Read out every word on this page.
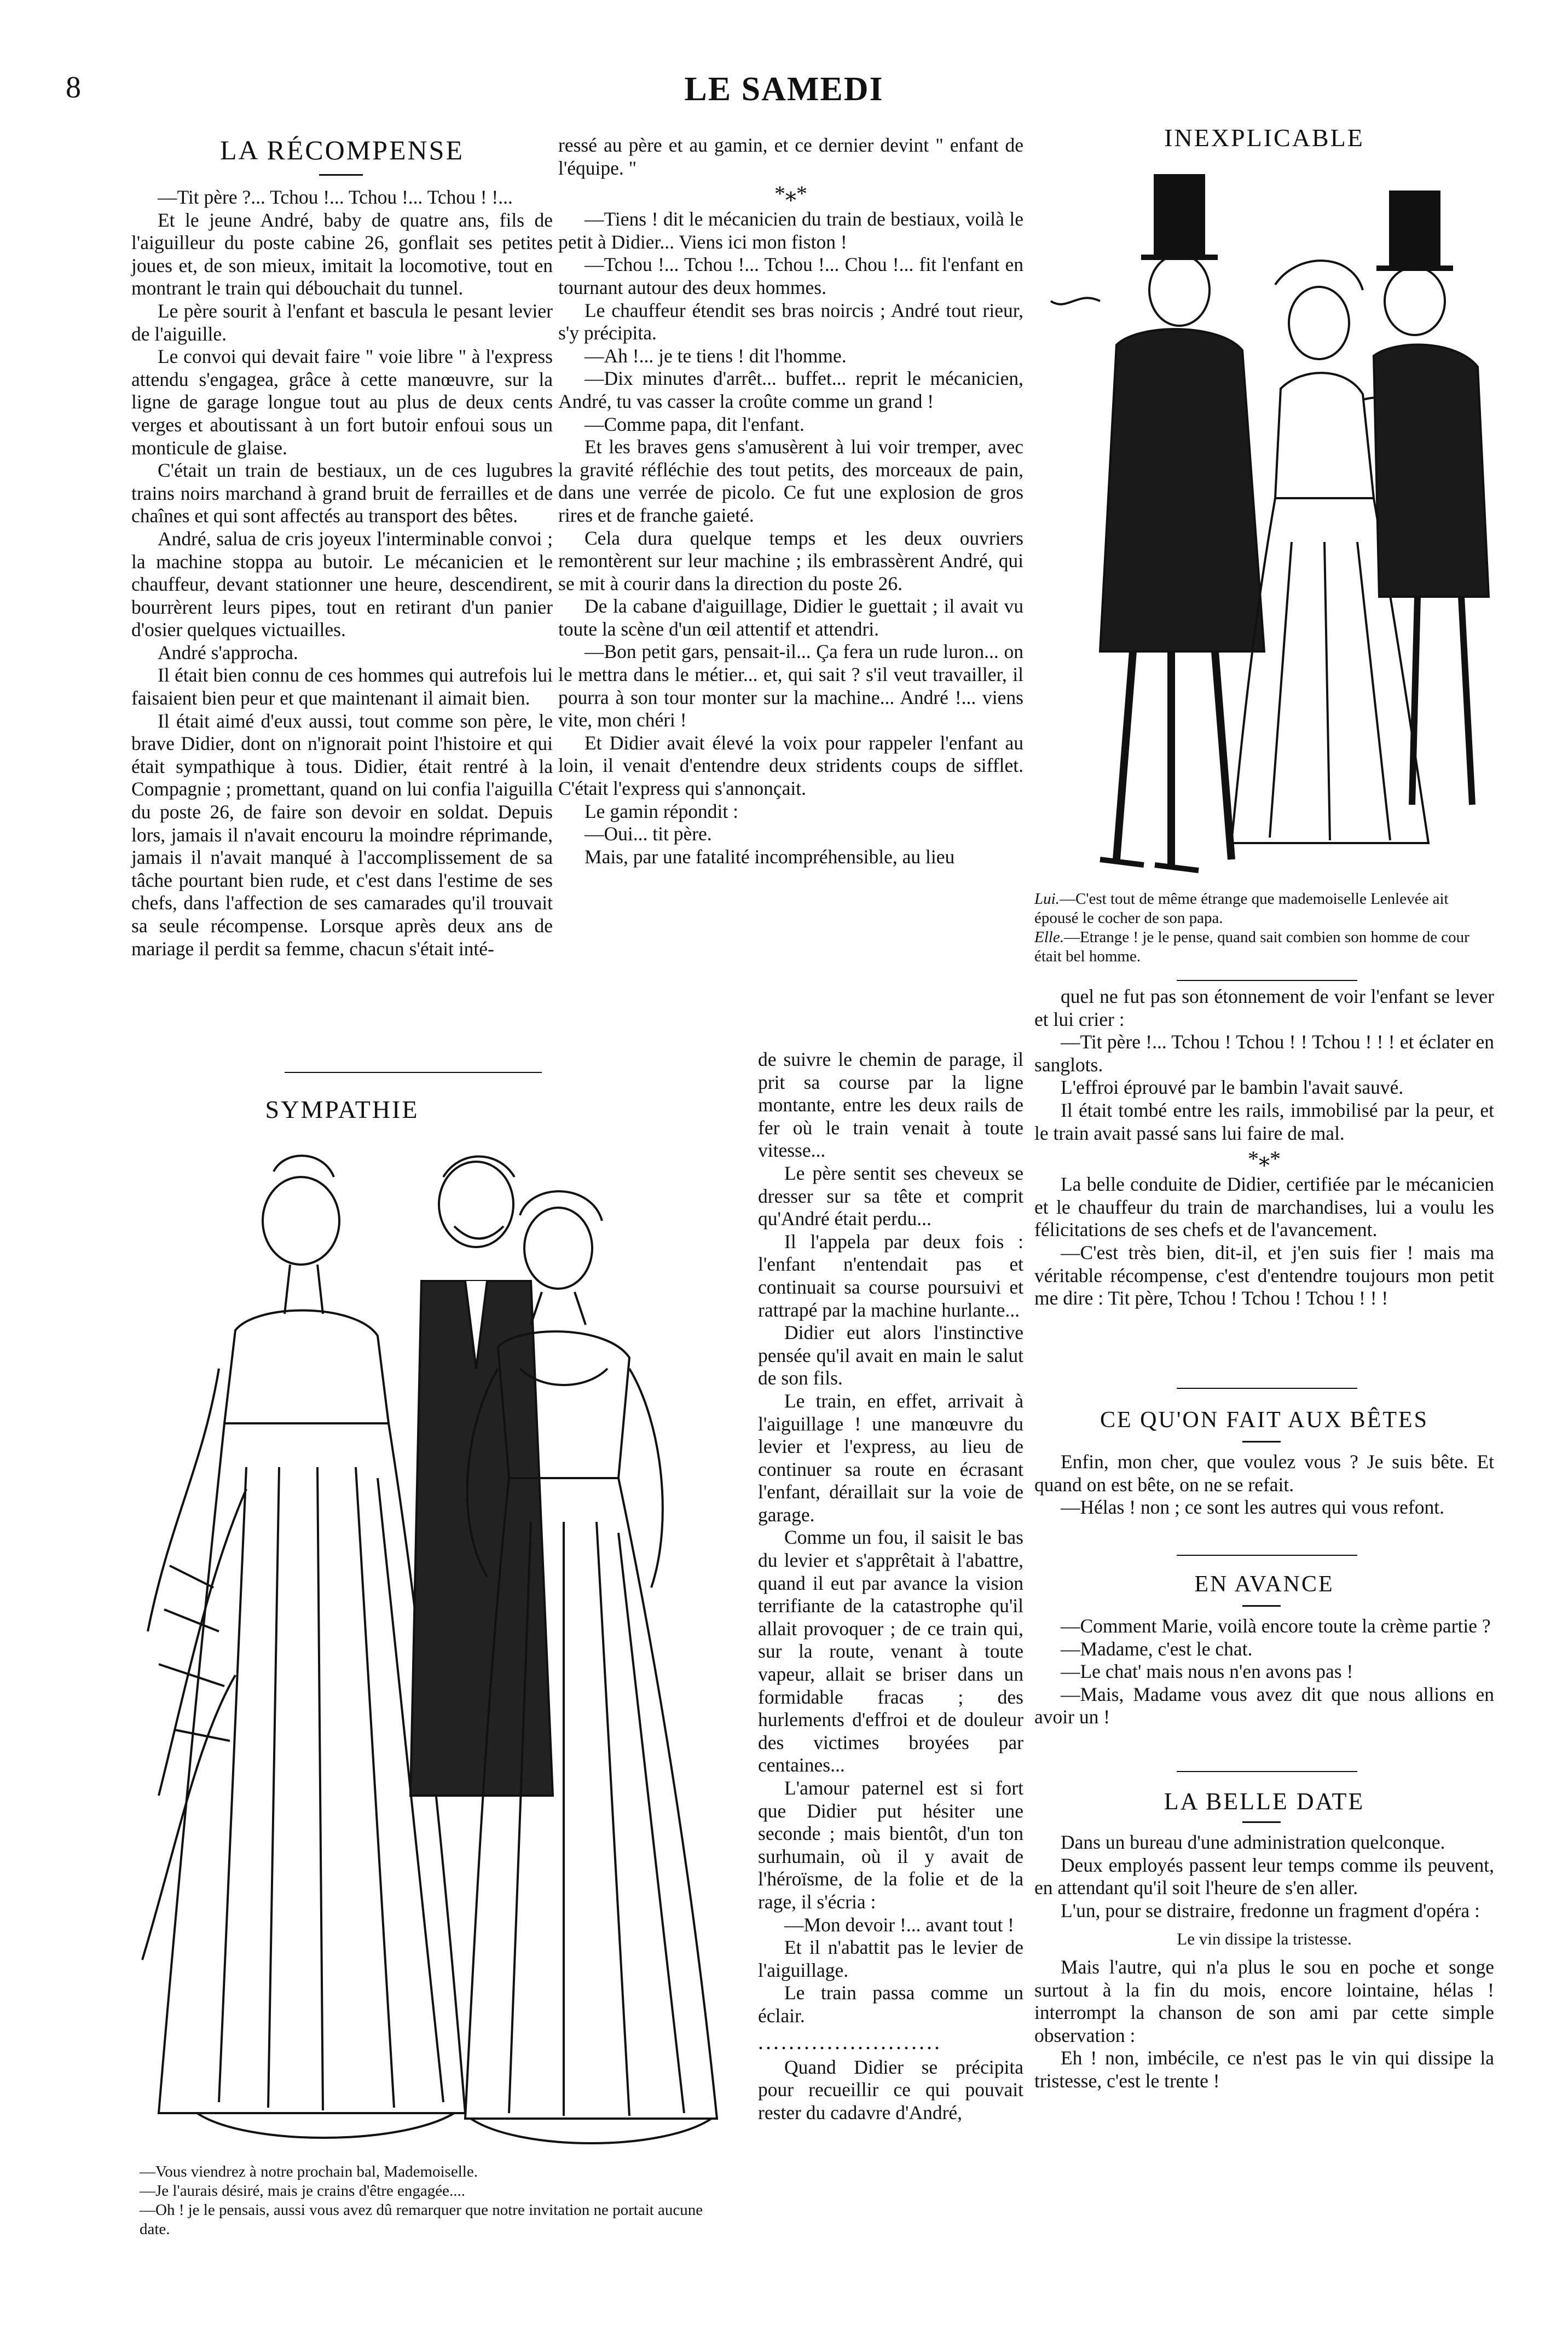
8	LE SAMEDI
LA RÉCOMPENSE

—Tit père ?... Tchou !... Tchou !... Tchou ! !...

Et le jeune André, baby de quatre ans, fils de l'aiguilleur du poste cabine 26, gonflait ses petites joues et, de son mieux, imitait la locomotive, tout en montrant le train qui débouchait du tunnel.

Le père sourit à l'enfant et bascula le pesant levier de l'aiguille.

Le convoi qui devait faire " voie libre " à l'express attendu s'engagea, grâce à cette manœuvre, sur la ligne de garage longue tout au plus de deux cents verges et aboutissant à un fort butoir enfoui sous un monticule de glaise.

C'était un train de bestiaux, un de ces lugubres trains noirs marchand à grand bruit de ferrailles et de chaînes et qui sont affectés au transport des bêtes.

André, salua de cris joyeux l'interminable convoi ; la machine stoppa au butoir. Le mécanicien et le chauffeur, devant stationner une heure, descendirent, bourrèrent leurs pipes, tout en retirant d'un panier d'osier quelques victuailles.

André s'approcha.

Il était bien connu de ces hommes qui autrefois lui faisaient bien peur et que maintenant il aimait bien.

Il était aimé d'eux aussi, tout comme son père, le brave Didier, dont on n'ignorait point l'histoire et qui était sympathique à tous. Didier, était rentré à la Compagnie ; promettant, quand on lui confia l'aiguilla du poste 26, de faire son devoir en soldat. Depuis lors, jamais il n'avait encouru la moindre réprimande, jamais il n'avait manqué à l'accomplissement de sa tâche pourtant bien rude, et c'est dans l'estime de ses chefs, dans l'affection de ses camarades qu'il trouvait sa seule récompense. Lorsque après deux ans de mariage il perdit sa femme, chacun s'était inté-

SYMPATHIE

—Vous viendrez à notre prochain bal, Mademoiselle.

—Je l'aurais désiré, mais je crains d'être engagée....

—Oh ! je le pensais, aussi vous avez dû remarquer que notre invitation ne portait aucune date.

ressé au père et au gamin, et ce dernier devint " enfant de l'équipe. "

*⁎*

—Tiens ! dit le mécanicien du train de bestiaux, voilà le petit à Didier... Viens ici mon fiston !

—Tchou !... Tchou !... Tchou !... Chou !... fit l'enfant en tournant autour des deux hommes.

Le chauffeur étendit ses bras noircis ; André tout rieur, s'y précipita.

—Ah !... je te tiens ! dit l'homme.

—Dix minutes d'arrêt... buffet... reprit le mécanicien, André, tu vas casser la croûte comme un grand !

—Comme papa, dit l'enfant.

Et les braves gens s'amusèrent à lui voir tremper, avec la gravité réfléchie des tout petits, des morceaux de pain, dans une verrée de picolo. Ce fut une explosion de gros rires et de franche gaieté.

Cela dura quelque temps et les deux ouvriers remontèrent sur leur machine ; ils embrassèrent André, qui se mit à courir dans la direction du poste 26.

De la cabane d'aiguillage, Didier le guettait ; il avait vu toute la scène d'un œil attentif et attendri.

—Bon petit gars, pensait-il... Ça fera un rude luron... on le mettra dans le métier... et, qui sait ? s'il veut travailler, il pourra à son tour monter sur la machine... André !... viens vite, mon chéri !

Et Didier avait élevé la voix pour rappeler l'enfant au loin, il venait d'entendre deux stridents coups de sifflet. C'était l'express qui s'annonçait.

Le gamin répondit :

—Oui... tit père.

Mais, par une fatalité incompréhensible, au lieu

de suivre le chemin de parage, il prit sa course par la ligne montante, entre les deux rails de fer où le train venait à toute vitesse...

Le père sentit ses cheveux se dresser sur sa tête et comprit qu'André était perdu...

Il l'appela par deux fois : l'enfant n'entendait pas et continuait sa course poursuivi et rattrapé par la machine hurlante...

Didier eut alors l'instinctive pensée qu'il avait en main le salut de son fils.

Le train, en effet, arrivait à l'aiguillage ! une manœuvre du levier et l'express, au lieu de continuer sa route en écrasant l'enfant, déraillait sur la voie de garage.

Comme un fou, il saisit le bas du levier et s'apprêtait à l'abattre, quand il eut par avance la vision terrifiante de la catastrophe qu'il allait provoquer ; de ce train qui, sur la route, venant à toute vapeur, allait se briser dans un formidable fracas ; des hurlements d'effroi et de douleur des victimes broyées par centaines...

L'amour paternel est si fort que Didier put hésiter une seconde ; mais bientôt, d'un ton surhumain, où il y avait de l'héroïsme, de la folie et de la rage, il s'écria :

—Mon devoir !... avant tout !

Et il n'abattit pas le levier de l'aiguillage.

Le train passa comme un éclair.

........................

Quand Didier se précipita pour recueillir ce qui pouvait rester du cadavre d'André,

INEXPLICABLE

Lui.—C'est tout de même étrange que mademoiselle Lenlevée ait épousé le cocher de son papa.

Elle.—Etrange ! je le pense, quand sait combien son homme de cour était bel homme.

quel ne fut pas son étonnement de voir l'enfant se lever et lui crier :

—Tit père !... Tchou ! Tchou ! ! Tchou ! ! ! et éclater en sanglots.

L'effroi éprouvé par le bambin l'avait sauvé.

Il était tombé entre les rails, immobilisé par la peur, et le train avait passé sans lui faire de mal.

*⁎*

La belle conduite de Didier, certifiée par le mécanicien et le chauffeur du train de marchandises, lui a voulu les félicitations de ses chefs et de l'avancement.

—C'est très bien, dit-il, et j'en suis fier ! mais ma véritable récompense, c'est d'entendre toujours mon petit me dire : Tit père, Tchou ! Tchou ! Tchou ! ! !

CE QU'ON FAIT AUX BÊTES

Enfin, mon cher, que voulez vous ? Je suis bête. Et quand on est bête, on ne se refait.

—Hélas ! non ; ce sont les autres qui vous refont.

EN AVANCE

—Comment Marie, voilà encore toute la crème partie ?

—Madame, c'est le chat.

—Le chat' mais nous n'en avons pas !

—Mais, Madame vous avez dit que nous allions en avoir un !

LA BELLE DATE

Dans un bureau d'une administration quelconque.

Deux employés passent leur temps comme ils peuvent, en attendant qu'il soit l'heure de s'en aller.

L'un, pour se distraire, fredonne un fragment d'opéra :

Le vin dissipe la tristesse.

Mais l'autre, qui n'a plus le sou en poche et songe surtout à la fin du mois, encore lointaine, hélas ! interrompt la chanson de son ami par cette simple observation :

Eh ! non, imbécile, ce n'est pas le vin qui dissipe la tristesse, c'est le trente !
